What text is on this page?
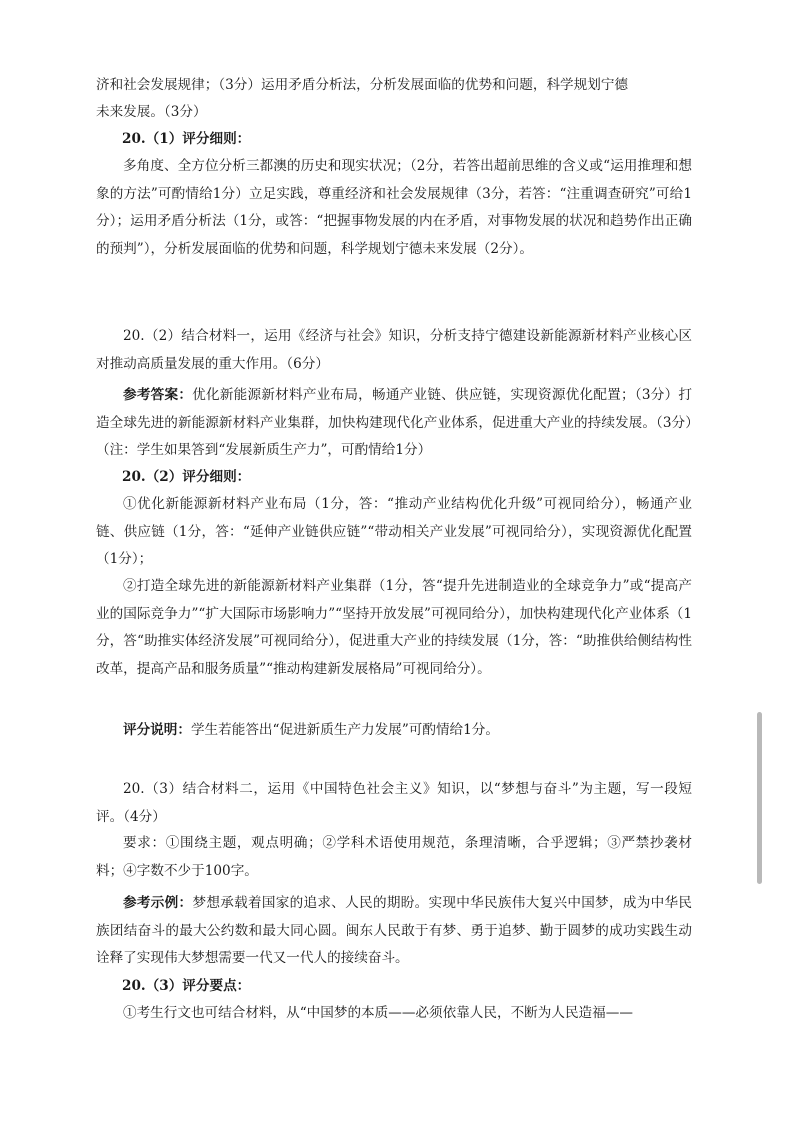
济和社会发展规律；（3分）运用矛盾分析法，分析发展面临的优势和问题，科学规划宁德

未来发展。（3分）

20.（1）评分细则：

多角度、全方位分析三都澳的历史和现实状况；（2分，若答出超前思维的含义或“运用推理和想象的方法”可酌情给1分）立足实践，尊重经济和社会发展规律（3分，若答：“注重调查研究”可给1分）；运用矛盾分析法（1分，或答：“把握事物发展的内在矛盾，对事物发展的状况和趋势作出正确的预判”），分析发展面临的优势和问题，科学规划宁德未来发展（2分）。

20.（2）结合材料一，运用《经济与社会》知识，分析支持宁德建设新能源新材料产业核心区对推动高质量发展的重大作用。（6分）

参考答案：优化新能源新材料产业布局，畅通产业链、供应链，实现资源优化配置；（3分）打造全球先进的新能源新材料产业集群，加快构建现代化产业体系，促进重大产业的持续发展。（3分）（注：学生如果答到“发展新质生产力”，可酌情给1分）

20.（2）评分细则：

①优化新能源新材料产业布局（1分，答：“推动产业结构优化升级”可视同给分），畅通产业链、供应链（1分，答：“延伸产业链供应链”“带动相关产业发展”可视同给分），实现资源优化配置（1分）；

②打造全球先进的新能源新材料产业集群（1分，答“提升先进制造业的全球竞争力”或“提高产业的国际竞争力”“扩大国际市场影响力”“坚持开放发展”可视同给分），加快构建现代化产业体系（1分，答“助推实体经济发展”可视同给分），促进重大产业的持续发展（1分，答：“助推供给侧结构性改革，提高产品和服务质量”“推动构建新发展格局”可视同给分）。

评分说明：学生若能答出“促进新质生产力发展”可酌情给1分。

20.（3）结合材料二，运用《中国特色社会主义》知识，以“梦想与奋斗”为主题，写一段短评。（4分）

要求：①围绕主题，观点明确；②学科术语使用规范，条理清晰，合乎逻辑；③严禁抄袭材料；④字数不少于100字。

参考示例：梦想承载着国家的追求、人民的期盼。实现中华民族伟大复兴中国梦，成为中华民族团结奋斗的最大公约数和最大同心圆。闽东人民敢于有梦、勇于追梦、勤于圆梦的成功实践生动诠释了实现伟大梦想需要一代又一代人的接续奋斗。

20.（3）评分要点：

①考生行文也可结合材料，从“中国梦的本质——必须依靠人民，不断为人民造福——
